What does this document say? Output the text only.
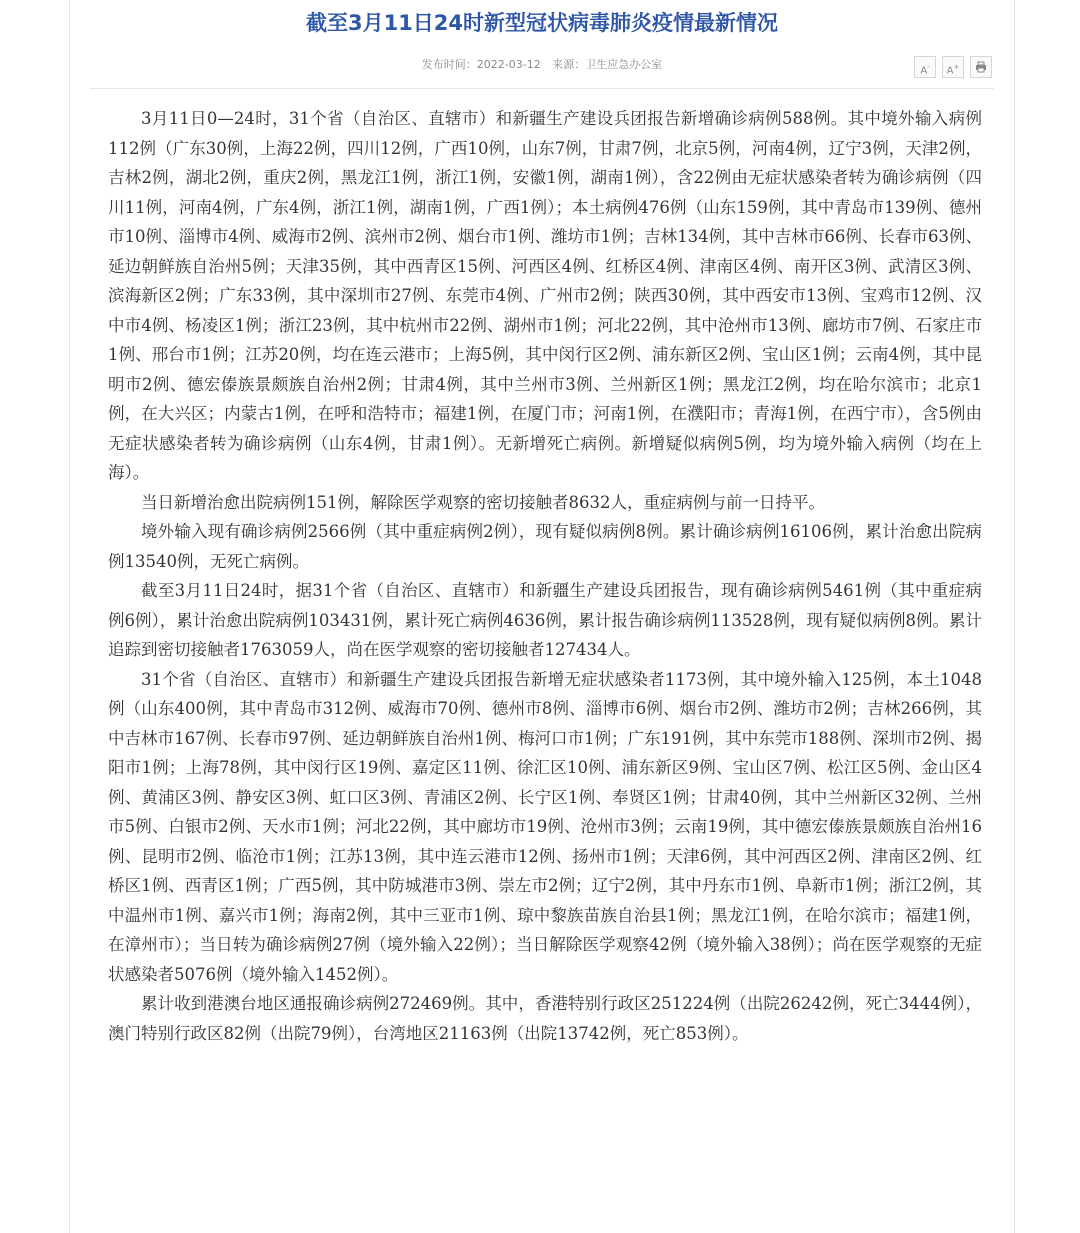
截至3月11日24时新型冠状病毒肺炎疫情最新情况
发布时间：2022-03-12 来源：卫生应急办公室	A-	A+

3月11日0—24时，31个省（自治区、直辖市）和新疆生产建设兵团报告新增确诊病例588例。其中境外输入病例112例（广东30例，上海22例，四川12例，广西10例，山东7例，甘肃7例，北京5例，河南4例，辽宁3例，天津2例，吉林2例，湖北2例，重庆2例，黑龙江1例，浙江1例，安徽1例，湖南1例），含22例由无症状感染者转为确诊病例（四川11例，河南4例，广东4例，浙江1例，湖南1例，广西1例）；本土病例476例（山东159例，其中青岛市139例、德州市10例、淄博市4例、威海市2例、滨州市2例、烟台市1例、潍坊市1例；吉林134例，其中吉林市66例、长春市63例、延边朝鲜族自治州5例；天津35例，其中西青区15例、河西区4例、红桥区4例、津南区4例、南开区3例、武清区3例、滨海新区2例；广东33例，其中深圳市27例、东莞市4例、广州市2例；陕西30例，其中西安市13例、宝鸡市12例、汉中市4例、杨凌区1例；浙江23例，其中杭州市22例、湖州市1例；河北22例，其中沧州市13例、廊坊市7例、石家庄市1例、邢台市1例；江苏20例，均在连云港市；上海5例，其中闵行区2例、浦东新区2例、宝山区1例；云南4例，其中昆明市2例、德宏傣族景颇族自治州2例；甘肃4例，其中兰州市3例、兰州新区1例；黑龙江2例，均在哈尔滨市；北京1例，在大兴区；内蒙古1例，在呼和浩特市；福建1例，在厦门市；河南1例，在濮阳市；青海1例，在西宁市），含5例由无症状感染者转为确诊病例（山东4例，甘肃1例）。无新增死亡病例。新增疑似病例5例，均为境外输入病例（均在上海）。

当日新增治愈出院病例151例，解除医学观察的密切接触者8632人，重症病例与前一日持平。

境外输入现有确诊病例2566例（其中重症病例2例），现有疑似病例8例。累计确诊病例16106例，累计治愈出院病例13540例，无死亡病例。

截至3月11日24时，据31个省（自治区、直辖市）和新疆生产建设兵团报告，现有确诊病例5461例（其中重症病例6例），累计治愈出院病例103431例，累计死亡病例4636例，累计报告确诊病例113528例，现有疑似病例8例。累计追踪到密切接触者1763059人，尚在医学观察的密切接触者127434人。

31个省（自治区、直辖市）和新疆生产建设兵团报告新增无症状感染者1173例，其中境外输入125例，本土1048例（山东400例，其中青岛市312例、威海市70例、德州市8例、淄博市6例、烟台市2例、潍坊市2例；吉林266例，其中吉林市167例、长春市97例、延边朝鲜族自治州1例、梅河口市1例；广东191例，其中东莞市188例、深圳市2例、揭阳市1例；上海78例，其中闵行区19例、嘉定区11例、徐汇区10例、浦东新区9例、宝山区7例、松江区5例、金山区4例、黄浦区3例、静安区3例、虹口区3例、青浦区2例、长宁区1例、奉贤区1例；甘肃40例，其中兰州新区32例、兰州市5例、白银市2例、天水市1例；河北22例，其中廊坊市19例、沧州市3例；云南19例，其中德宏傣族景颇族自治州16例、昆明市2例、临沧市1例；江苏13例，其中连云港市12例、扬州市1例；天津6例，其中河西区2例、津南区2例、红桥区1例、西青区1例；广西5例，其中防城港市3例、崇左市2例；辽宁2例，其中丹东市1例、阜新市1例；浙江2例，其中温州市1例、嘉兴市1例；海南2例，其中三亚市1例、琼中黎族苗族自治县1例；黑龙江1例，在哈尔滨市；福建1例，在漳州市）；当日转为确诊病例27例（境外输入22例）；当日解除医学观察42例（境外输入38例）；尚在医学观察的无症状感染者5076例（境外输入1452例）。

累计收到港澳台地区通报确诊病例272469例。其中，香港特别行政区251224例（出院26242例，死亡3444例），澳门特别行政区82例（出院79例），台湾地区21163例（出院13742例，死亡853例）。
